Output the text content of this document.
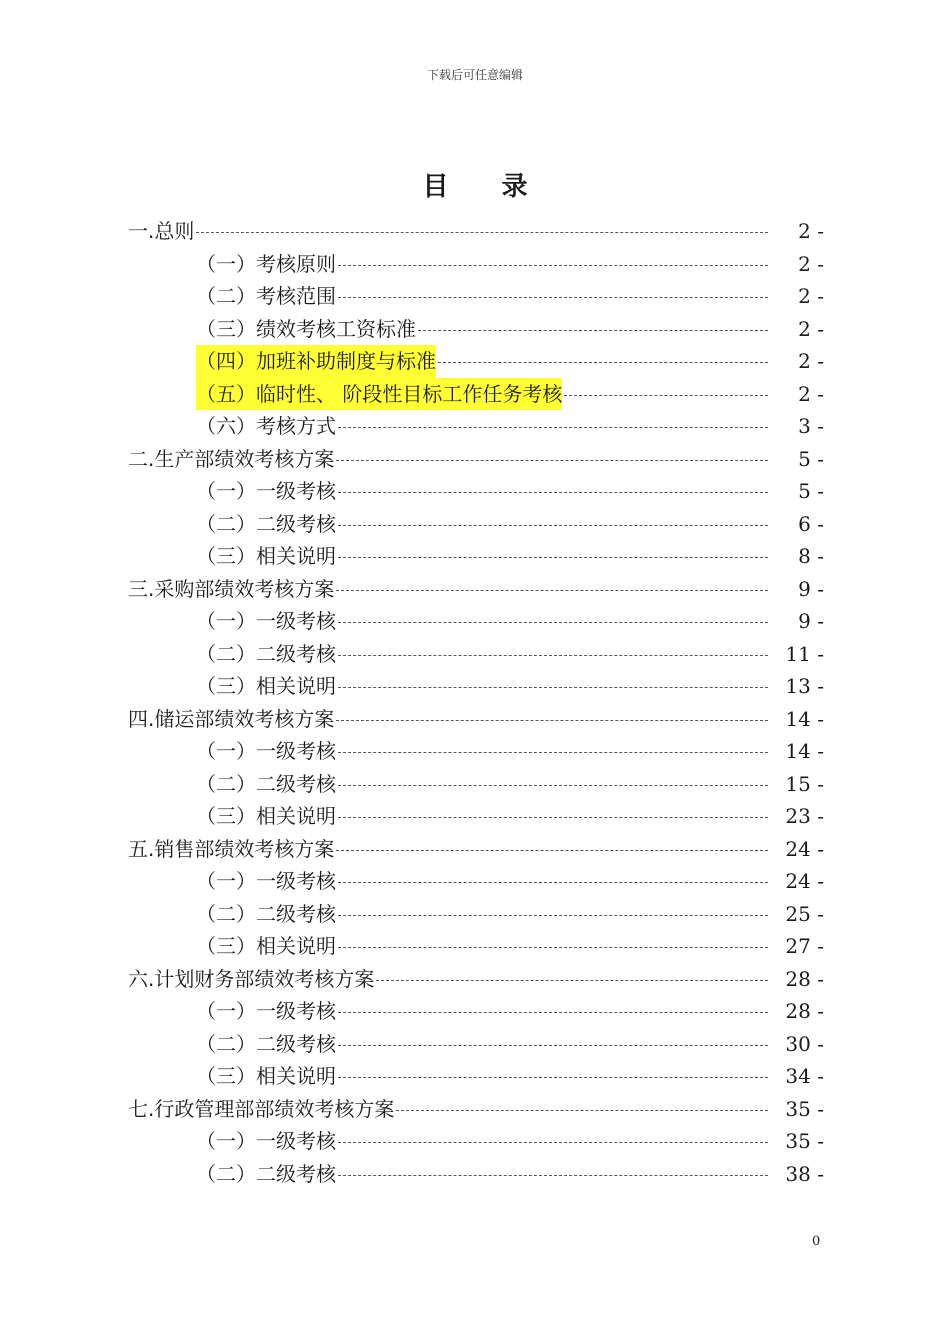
下载后可任意编辑
目 录
一.总则	2 -
（一）考核原则	2 -
（二）考核范围	2 -
（三）绩效考核工资标准	2 -
（四）加班补助制度与标准	2 -
（五）临时性、 阶段性目标工作任务考核	2 -
（六）考核方式	3 -
二.生产部绩效考核方案	5 -
（一）一级考核	5 -
（二）二级考核	6 -
（三）相关说明	8 -
三.采购部绩效考核方案	9 -
（一）一级考核	9 -
（二）二级考核	11 -
（三）相关说明	13 -
四.储运部绩效考核方案	14 -
（一）一级考核	14 -
（二）二级考核	15 -
（三）相关说明	23 -
五.销售部绩效考核方案	24 -
（一）一级考核	24 -
（二）二级考核	25 -
（三）相关说明	27 -
六.计划财务部绩效考核方案	28 -
（一）一级考核	28 -
（二）二级考核	30 -
（三）相关说明	34 -
七.行政管理部部绩效考核方案	35 -
（一）一级考核	35 -
（二）二级考核	38 -
0
